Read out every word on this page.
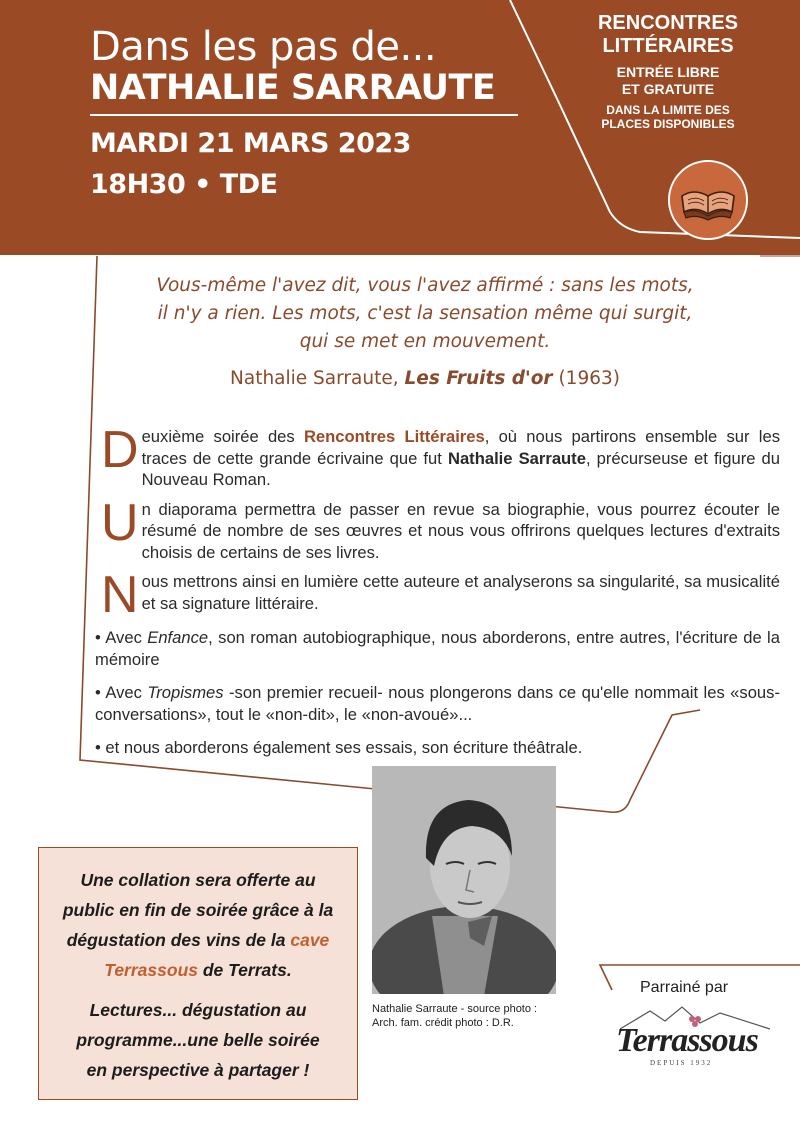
Dans les pas de...
NATHALIE SARRAUTE
MARDI 21 MARS 2023
18H30 • TDE
RENCONTRES
LITTÉRAIRES
ENTRÉE LIBRE
ET GRATUITE
DANS LA LIMITE DES
PLACES DISPONIBLES
Vous-même l'avez dit, vous l'avez affirmé : sans les mots,
il n'y a rien. Les mots, c'est la sensation même qui surgit,
qui se met en mouvement.
Nathalie Sarraute, Les Fruits d'or (1963)
Deuxième soirée des Rencontres Littéraires, où nous partirons ensemble sur les traces de cette grande écrivaine que fut Nathalie Sarraute, précurseuse et figure du Nouveau Roman.
Un diaporama permettra de passer en revue sa biographie, vous pourrez écouter le résumé de nombre de ses œuvres et nous vous offrirons quelques lectures d'extraits choisis de certains de ses livres.
Nous mettrons ainsi en lumière cette auteure et analyserons sa singularité, sa musicalité et sa signature littéraire.
• Avec Enfance, son roman autobiographique, nous aborderons, entre autres, l'écriture de la mémoire
• Avec Tropismes -son premier recueil- nous plongerons dans ce qu'elle nommait les «sous-conversations», tout le «non-dit», le «non-avoué»...
• et nous aborderons également ses essais, son écriture théâtrale.
Nathalie Sarraute - source photo :
Arch. fam. crédit photo : D.R.

Une collation sera offerte au
public en fin de soirée grâce à la
dégustation des vins de la cave
Terrassous de Terrats.

Lectures... dégustation au
programme...une belle soirée
en perspective à partager !

Parrainé par
Terrassous
DEPUIS 1932
